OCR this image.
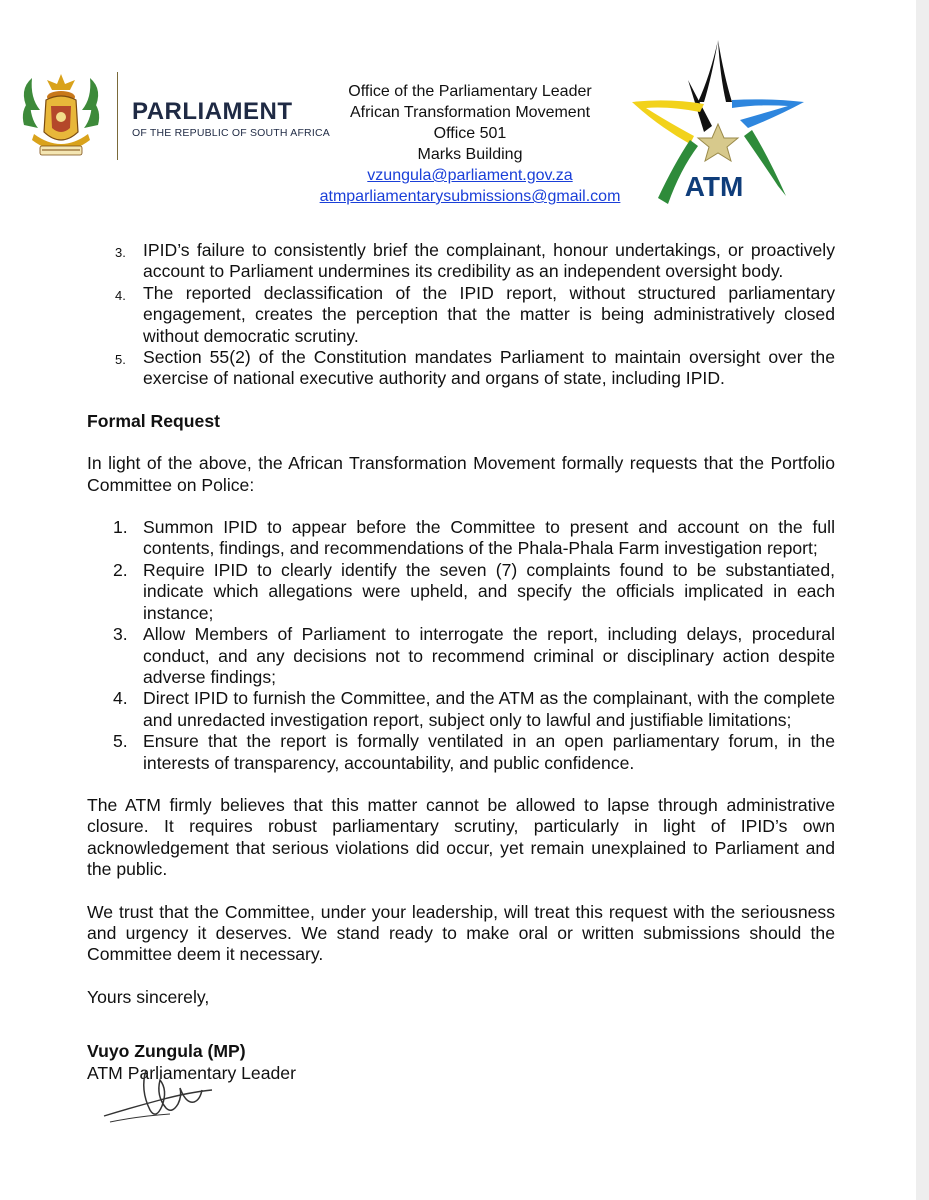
PARLIAMENT
OF THE REPUBLIC OF SOUTH AFRICA
Office of the Parliamentary Leader
African Transformation Movement
Office 501
Marks Building
vzungula@parliament.gov.za
atmparliamentarysubmissions@gmail.com	ATM
3. IPID’s failure to consistently brief the complainant, honour undertakings, or proactively account to Parliament undermines its credibility as an independent oversight body.
4. The reported declassification of the IPID report, without structured parliamentary engagement, creates the perception that the matter is being administratively closed without democratic scrutiny.
5. Section 55(2) of the Constitution mandates Parliament to maintain oversight over the exercise of national executive authority and organs of state, including IPID.
Formal Request

In light of the above, the African Transformation Movement formally requests that the Portfolio Committee on Police:

1. Summon IPID to appear before the Committee to present and account on the full contents, findings, and recommendations of the Phala-Phala Farm investigation report;
2. Require IPID to clearly identify the seven (7) complaints found to be substantiated, indicate which allegations were upheld, and specify the officials implicated in each instance;
3. Allow Members of Parliament to interrogate the report, including delays, procedural conduct, and any decisions not to recommend criminal or disciplinary action despite adverse findings;
4. Direct IPID to furnish the Committee, and the ATM as the complainant, with the complete and unredacted investigation report, subject only to lawful and justifiable limitations;
5. Ensure that the report is formally ventilated in an open parliamentary forum, in the interests of transparency, accountability, and public confidence.

The ATM firmly believes that this matter cannot be allowed to lapse through administrative closure. It requires robust parliamentary scrutiny, particularly in light of IPID’s own acknowledgement that serious violations did occur, yet remain unexplained to Parliament and the public.

We trust that the Committee, under your leadership, will treat this request with the seriousness and urgency it deserves. We stand ready to make oral or written submissions should the Committee deem it necessary.

Yours sincerely,

Vuyo Zungula (MP)
ATM Parliamentary Leader
